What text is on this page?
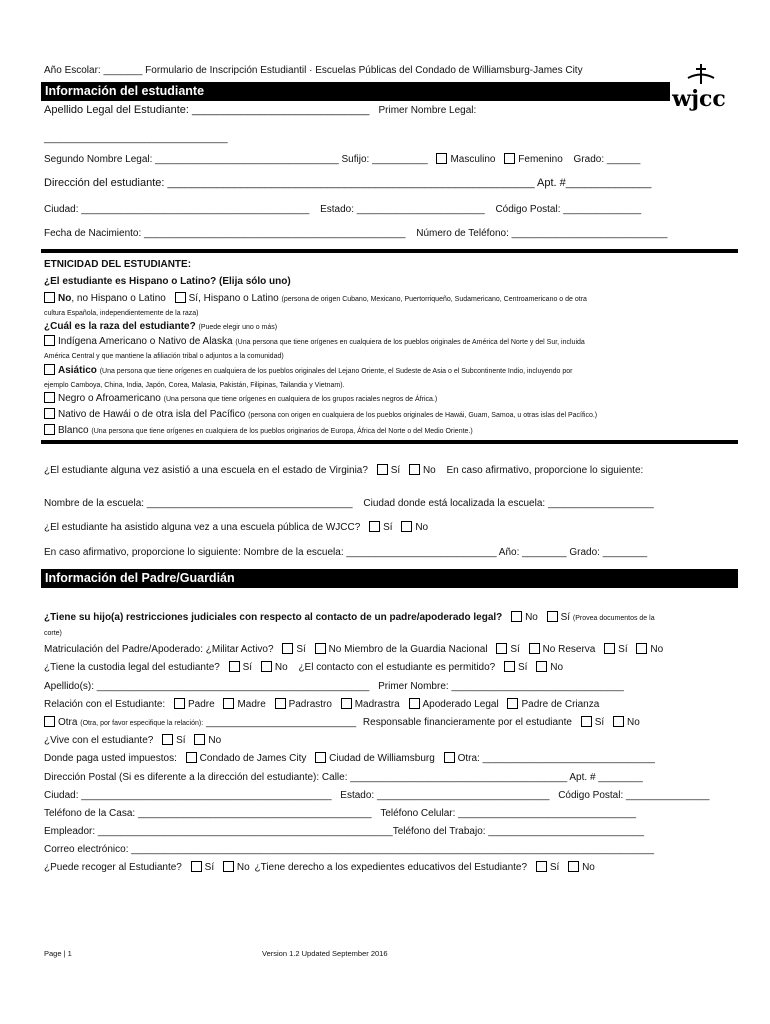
Año Escolar: _______ Formulario de Inscripción Estudiantil · Escuelas Públicas del Condado de Williamsburg-James City
wjcc
Información del estudiante
Apellido Legal del Estudiante: _____________________________ Primer Nombre Legal:
_________________________________
Segundo Nombre Legal: _________________________________ Sufijo: __________ Masculino Femenino Grado: ______
Dirección del estudiante: ____________________________________________________________ Apt. #______________
Ciudad: _________________________________________ Estado: _______________________ Código Postal: ______________
Fecha de Nacimiento: _______________________________________________ Número de Teléfono: ____________________________
ETNICIDAD DEL ESTUDIANTE:
¿El estudiante es Hispano o Latino? (Elija sólo uno)
No, no Hispano o Latino Sí, Hispano o Latino (persona de origen Cubano, Mexicano, Puertorriqueño, Sudamericano, Centroamericano o de otra
cultura Española, independientemente de la raza)
¿Cuál es la raza del estudiante? (Puede elegir uno o más)
Indígena Americano o Nativo de Alaska (Una persona que tiene orígenes en cualquiera de los pueblos originales de América del Norte y del Sur, incluida
América Central y que mantiene la afiliación tribal o adjuntos a la comunidad)
Asiático (Una persona que tiene orígenes en cualquiera de los pueblos originales del Lejano Oriente, el Sudeste de Asia o el Subcontinente Indio, incluyendo por
ejemplo Camboya, China, India, Japón, Corea, Malasia, Pakistán, Filipinas, Tailandia y Vietnam).
Negro o Afroamericano (Una persona que tiene orígenes en cualquiera de los grupos raciales negros de África.)
Nativo de Hawái o de otra isla del Pacífico (persona con origen en cualquiera de los pueblos originales de Hawái, Guam, Samoa, u otras islas del Pacífico.)
Blanco (Una persona que tiene orígenes en cualquiera de los pueblos originarios de Europa, África del Norte o del Medio Oriente.)
¿El estudiante alguna vez asistió a una escuela en el estado de Virginia? Sí No En caso afirmativo, proporcione lo siguiente:
Nombre de la escuela: _____________________________________ Ciudad donde está localizada la escuela: ___________________
¿El estudiante ha asistido alguna vez a una escuela pública de WJCC? Sí No
En caso afirmativo, proporcione lo siguiente: Nombre de la escuela: ___________________________ Año: ________ Grado: ________
Información del Padre/Guardián
¿Tiene su hijo(a) restricciones judiciales con respecto al contacto de un padre/apoderado legal? No Sí (Provea documentos de la
corte)
Matriculación del Padre/Apoderado: ¿Militar Activo? Sí No Miembro de la Guardia Nacional Sí No Reserva Sí No
¿Tiene la custodia legal del estudiante? Sí No ¿El contacto con el estudiante es permitido? Sí No
Apellido(s): _________________________________________________ Primer Nombre: _______________________________
Relación con el Estudiante: Padre Madre Padrastro Madrastra Apoderado Legal Padre de Crianza
Otra (Otra, por favor especifique la relación): ___________________________ Responsable financieramente por el estudiante Sí No
¿Vive con el estudiante? Sí No
Donde paga usted impuestos: Condado de James City Ciudad de Williamsburg Otra: _______________________________
Dirección Postal (Si es diferente a la dirección del estudiante): Calle: _______________________________________ Apt. # ________
Ciudad: _____________________________________________ Estado: _______________________________ Código Postal: _______________
Teléfono de la Casa: __________________________________________ Teléfono Celular: ________________________________
Empleador: _____________________________________________________Teléfono del Trabajo: ____________________________
Correo electrónico: ______________________________________________________________________________________________
¿Puede recoger al Estudiante? Sí No ¿Tiene derecho a los expedientes educativos del Estudiante? Sí No
Page | 1	Version 1.2 Updated September 2016
